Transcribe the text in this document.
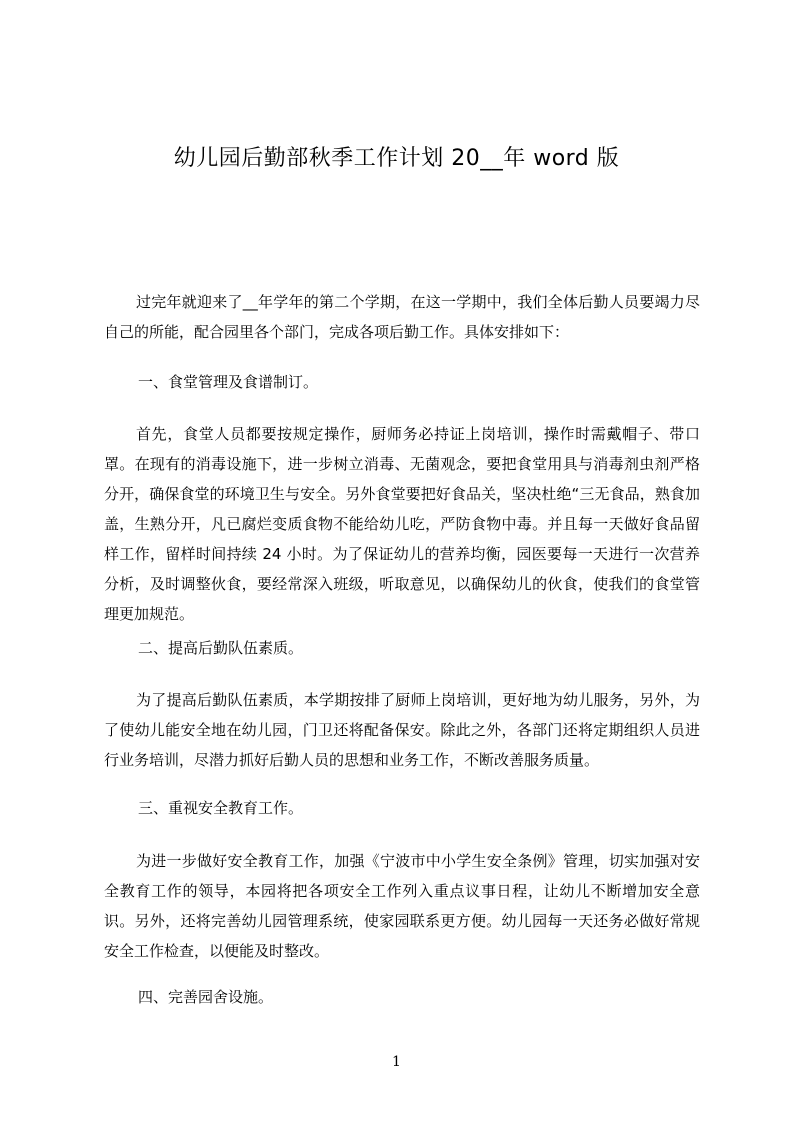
幼儿园后勤部秋季工作计划 20__年 word 版

过完年就迎来了__年学年的第二个学期，在这一学期中，我们全体后勤人员要竭力尽自己的所能，配合园里各个部门，完成各项后勤工作。具体安排如下：

一、食堂管理及食谱制订。

首先，食堂人员都要按规定操作，厨师务必持证上岗培训，操作时需戴帽子、带口罩。在现有的消毒设施下，进一步树立消毒、无菌观念，要把食堂用具与消毒剂虫剂严格分开，确保食堂的环境卫生与安全。另外食堂要把好食品关，坚决杜绝“三无食品，熟食加盖，生熟分开，凡已腐烂变质食物不能给幼儿吃，严防食物中毒。并且每一天做好食品留样工作，留样时间持续 24 小时。为了保证幼儿的营养均衡，园医要每一天进行一次营养分析，及时调整伙食，要经常深入班级，听取意见，以确保幼儿的伙食，使我们的食堂管理更加规范。

二、提高后勤队伍素质。

为了提高后勤队伍素质，本学期按排了厨师上岗培训，更好地为幼儿服务，另外，为了使幼儿能安全地在幼儿园，门卫还将配备保安。除此之外，各部门还将定期组织人员进行业务培训，尽潜力抓好后勤人员的思想和业务工作，不断改善服务质量。

三、重视安全教育工作。

为进一步做好安全教育工作，加强《宁波市中小学生安全条例》管理，切实加强对安全教育工作的领导，本园将把各项安全工作列入重点议事日程，让幼儿不断增加安全意识。另外，还将完善幼儿园管理系统，使家园联系更方便。幼儿园每一天还务必做好常规安全工作检查，以便能及时整改。

四、完善园舍设施。
1
